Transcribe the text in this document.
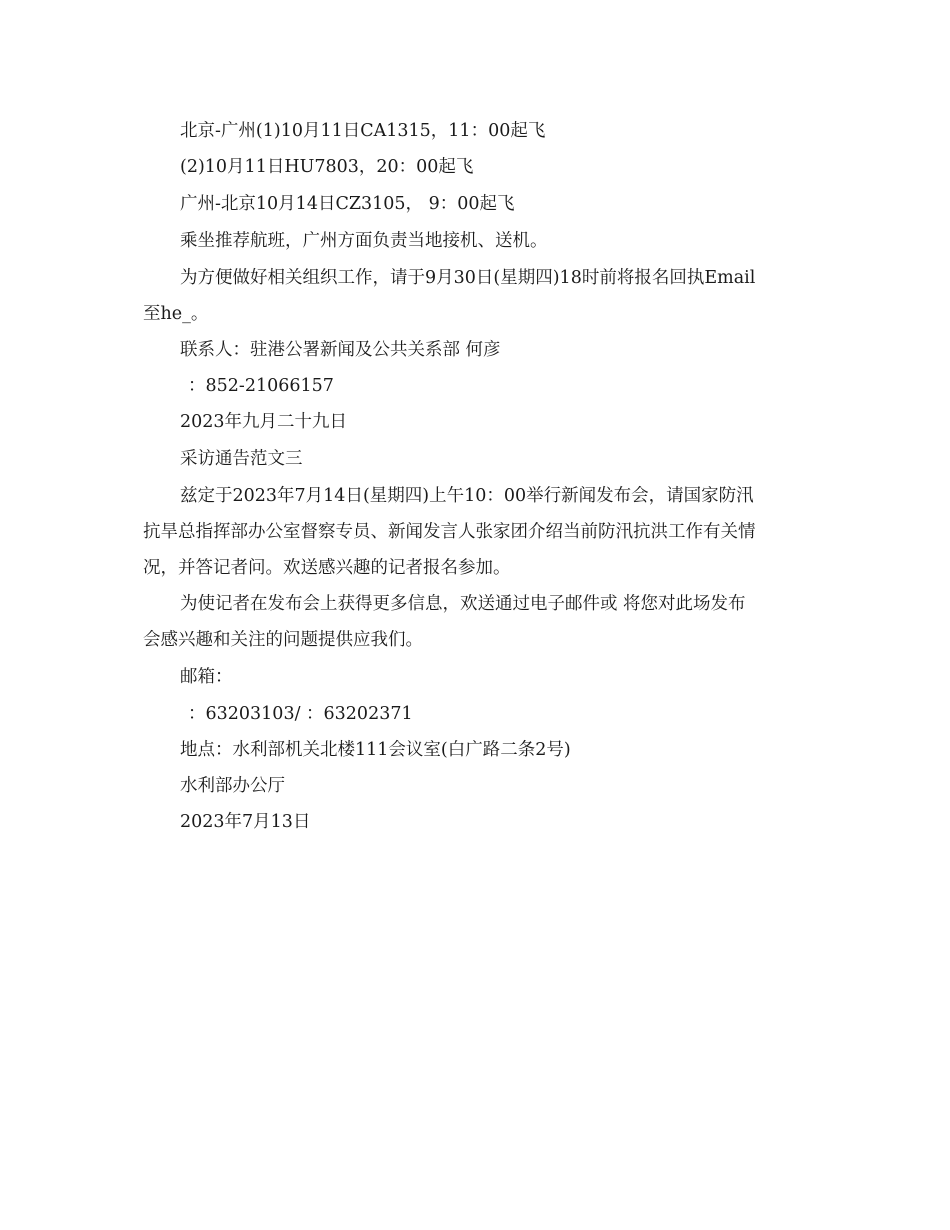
北京-广州(1)10月11日CA1315，11：00起飞
(2)10月11日HU7803，20：00起飞
广州-北京10月14日CZ3105， 9：00起飞
乘坐推荐航班，广州方面负责当地接机、送机。
为方便做好相关组织工作，请于9月30日(星期四)18时前将报名回执Email
至he_。
联系人：驻港公署新闻及公共关系部 何彦
：852-21066157
2023年九月二十九日
采访通告范文三
兹定于2023年7月14日(星期四)上午10：00举行新闻发布会，请国家防汛
抗旱总指挥部办公室督察专员、新闻发言人张家团介绍当前防汛抗洪工作有关情
况，并答记者问。欢送感兴趣的记者报名参加。
为使记者在发布会上获得更多信息，欢送通过电子邮件或 将您对此场发布
会感兴趣和关注的问题提供应我们。
邮箱：
：63203103/ ：63202371
地点：水利部机关北楼111会议室(白广路二条2号)
水利部办公厅
2023年7月13日
